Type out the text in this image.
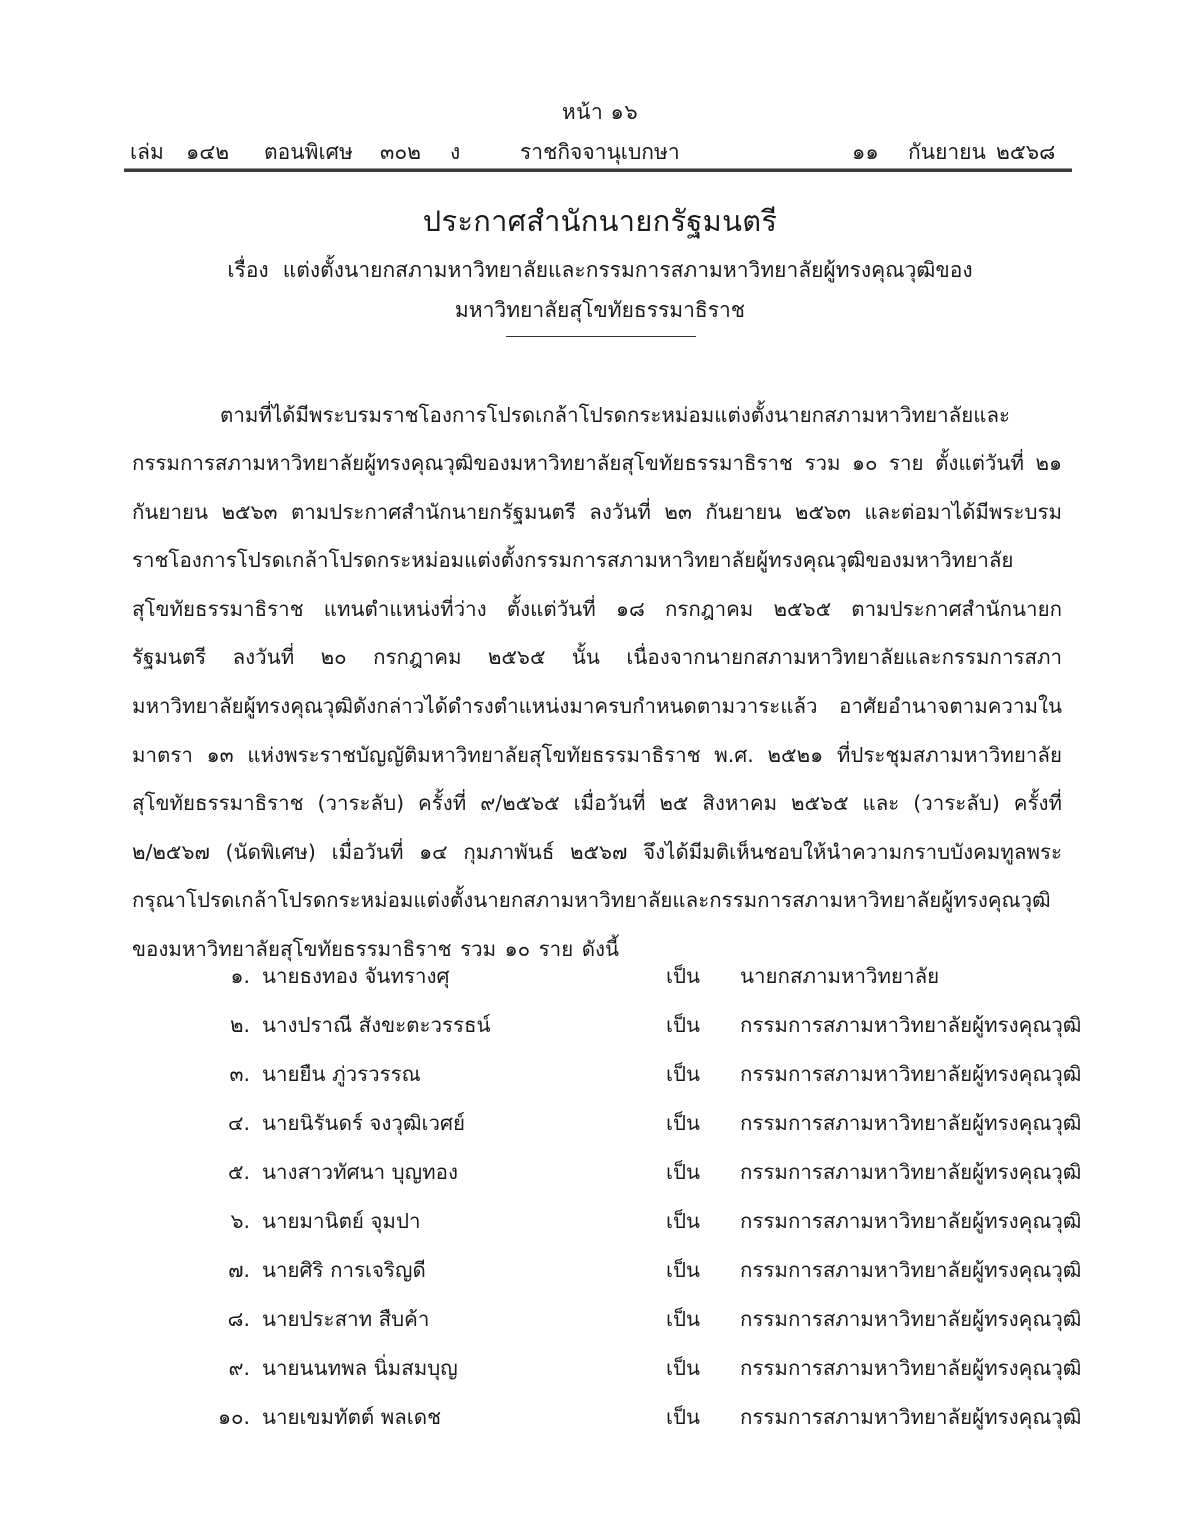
หน้า ๑๖
เล่ม ๑๔๒ ตอนพิเศษ ๓๐๒ ง	ราชกิจจานุเบกษา	๑๑ กันยายน ๒๕๖๘
ประกาศสำนักนายกรัฐมนตรี
เรื่อง แต่งตั้งนายกสภามหาวิทยาลัยและกรรมการสภามหาวิทยาลัยผู้ทรงคุณวุฒิของ
มหาวิทยาลัยสุโขทัยธรรมาธิราช

ตามที่ได้มีพระบรมราชโองการโปรดเกล้าโปรดกระหม่อมแต่งตั้งนายกสภามหาวิทยาลัยและกรรมการสภามหาวิทยาลัยผู้ทรงคุณวุฒิของมหาวิทยาลัยสุโขทัยธรรมาธิราช รวม ๑๐ ราย ตั้งแต่วันที่ ๒๑ กันยายน ๒๕๖๓ ตามประกาศสำนักนายกรัฐมนตรี ลงวันที่ ๒๓ กันยายน ๒๕๖๓ และต่อมาได้มีพระบรมราชโองการโปรดเกล้าโปรดกระหม่อมแต่งตั้งกรรมการสภามหาวิทยาลัยผู้ทรงคุณวุฒิของมหาวิทยาลัยสุโขทัยธรรมาธิราช แทนตำแหน่งที่ว่าง ตั้งแต่วันที่ ๑๘ กรกฎาคม ๒๕๖๕ ตามประกาศสำนักนายกรัฐมนตรี ลงวันที่ ๒๐ กรกฎาคม ๒๕๖๕ นั้น เนื่องจากนายกสภามหาวิทยาลัยและกรรมการสภามหาวิทยาลัยผู้ทรงคุณวุฒิดังกล่าวได้ดำรงตำแหน่งมาครบกำหนดตามวาระแล้ว อาศัยอำนาจตามความในมาตรา ๑๓ แห่งพระราชบัญญัติมหาวิทยาลัยสุโขทัยธรรมาธิราช พ.ศ. ๒๕๒๑ ที่ประชุมสภามหาวิทยาลัยสุโขทัยธรรมาธิราช (วาระลับ) ครั้งที่ ๙/๒๕๖๕ เมื่อวันที่ ๒๕ สิงหาคม ๒๕๖๕ และ (วาระลับ) ครั้งที่ ๒/๒๕๖๗ (นัดพิเศษ) เมื่อวันที่ ๑๔ กุมภาพันธ์ ๒๕๖๗ จึงได้มีมติเห็นชอบให้นำความกราบบังคมทูลพระกรุณาโปรดเกล้าโปรดกระหม่อมแต่งตั้งนายกสภามหาวิทยาลัยและกรรมการสภามหาวิทยาลัยผู้ทรงคุณวุฒิของมหาวิทยาลัยสุโขทัยธรรมาธิราช รวม ๑๐ ราย ดังนี้

๑. นายธงทอง จันทรางศุ	เป็น นายกสภามหาวิทยาลัย
๒. นางปราณี สังขะตะวรรธน์	เป็น กรรมการสภามหาวิทยาลัยผู้ทรงคุณวุฒิ
๓. นายยืน ภู่วรวรรณ	เป็น กรรมการสภามหาวิทยาลัยผู้ทรงคุณวุฒิ
๔. นายนิรันดร์ จงวุฒิเวศย์	เป็น กรรมการสภามหาวิทยาลัยผู้ทรงคุณวุฒิ
๕. นางสาวทัศนา บุญทอง	เป็น กรรมการสภามหาวิทยาลัยผู้ทรงคุณวุฒิ
๖. นายมานิตย์ จุมปา	เป็น กรรมการสภามหาวิทยาลัยผู้ทรงคุณวุฒิ
๗. นายศิริ การเจริญดี	เป็น กรรมการสภามหาวิทยาลัยผู้ทรงคุณวุฒิ
๘. นายประสาท สืบค้า	เป็น กรรมการสภามหาวิทยาลัยผู้ทรงคุณวุฒิ
๙. นายนนทพล นิ่มสมบุญ	เป็น กรรมการสภามหาวิทยาลัยผู้ทรงคุณวุฒิ
๑๐. นายเขมทัตต์ พลเดช	เป็น กรรมการสภามหาวิทยาลัยผู้ทรงคุณวุฒิ
